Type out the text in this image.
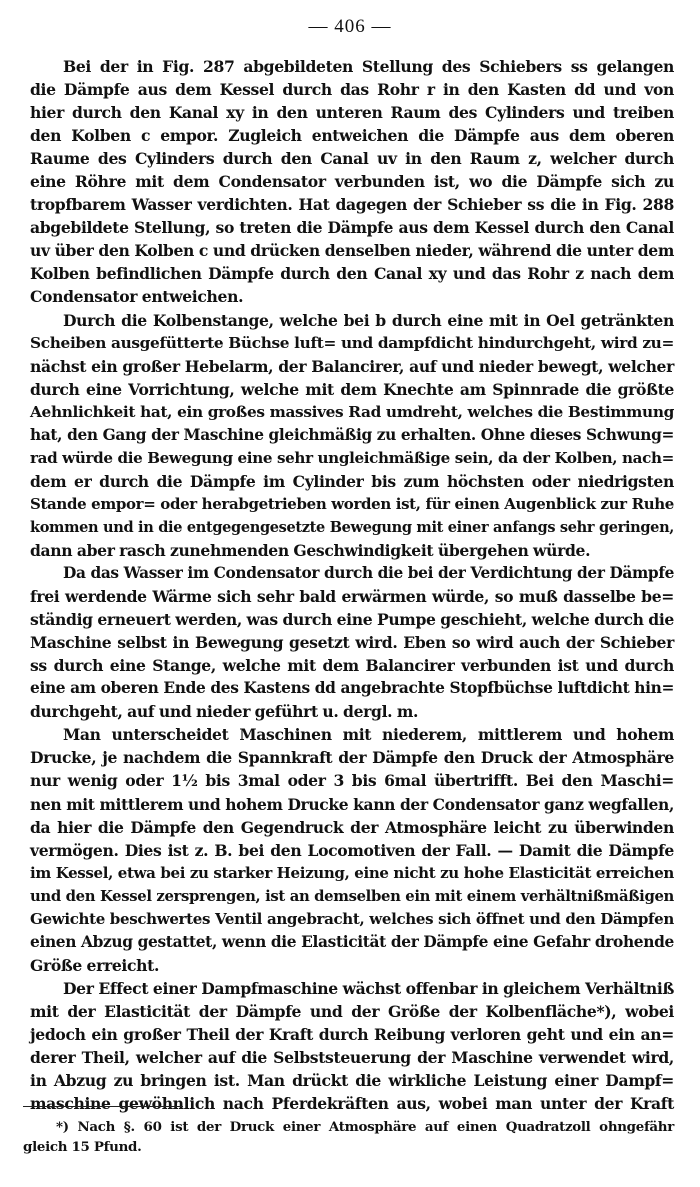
— 406 —
Bei der in Fig. 287 abgebildeten Stellung des Schiebers ss gelangen
die Dämpfe aus dem Kessel durch das Rohr r in den Kasten dd und von
hier durch den Kanal xy in den unteren Raum des Cylinders und treiben
den Kolben c empor. Zugleich entweichen die Dämpfe aus dem oberen
Raume des Cylinders durch den Canal uv in den Raum z, welcher durch
eine Röhre mit dem Condensator verbunden ist, wo die Dämpfe sich zu
tropfbarem Wasser verdichten. Hat dagegen der Schieber ss die in Fig. 288
abgebildete Stellung, so treten die Dämpfe aus dem Kessel durch den Canal
uv über den Kolben c und drücken denselben nieder, während die unter dem
Kolben befindlichen Dämpfe durch den Canal xy und das Rohr z nach dem
Condensator entweichen.
Durch die Kolbenstange, welche bei b durch eine mit in Oel getränkten
Scheiben ausgefütterte Büchse luft= und dampfdicht hindurchgeht, wird zu=
nächst ein großer Hebelarm, der Balancirer, auf und nieder bewegt, welcher
durch eine Vorrichtung, welche mit dem Knechte am Spinnrade die größte
Aehnlichkeit hat, ein großes massives Rad umdreht, welches die Bestimmung
hat, den Gang der Maschine gleichmäßig zu erhalten. Ohne dieses Schwung=
rad würde die Bewegung eine sehr ungleichmäßige sein, da der Kolben, nach=
dem er durch die Dämpfe im Cylinder bis zum höchsten oder niedrigsten
Stande empor= oder herabgetrieben worden ist, für einen Augenblick zur Ruhe
kommen und in die entgegengesetzte Bewegung mit einer anfangs sehr geringen,
dann aber rasch zunehmenden Geschwindigkeit übergehen würde.
Da das Wasser im Condensator durch die bei der Verdichtung der Dämpfe
frei werdende Wärme sich sehr bald erwärmen würde, so muß dasselbe be=
ständig erneuert werden, was durch eine Pumpe geschieht, welche durch die
Maschine selbst in Bewegung gesetzt wird. Eben so wird auch der Schieber
ss durch eine Stange, welche mit dem Balancirer verbunden ist und durch
eine am oberen Ende des Kastens dd angebrachte Stopfbüchse luftdicht hin=
durchgeht, auf und nieder geführt u. dergl. m.
Man unterscheidet Maschinen mit niederem, mittlerem und hohem
Drucke, je nachdem die Spannkraft der Dämpfe den Druck der Atmosphäre
nur wenig oder 1½ bis 3mal oder 3 bis 6mal übertrifft. Bei den Maschi=
nen mit mittlerem und hohem Drucke kann der Condensator ganz wegfallen,
da hier die Dämpfe den Gegendruck der Atmosphäre leicht zu überwinden
vermögen. Dies ist z. B. bei den Locomotiven der Fall. — Damit die Dämpfe
im Kessel, etwa bei zu starker Heizung, eine nicht zu hohe Elasticität erreichen
und den Kessel zersprengen, ist an demselben ein mit einem verhältnißmäßigen
Gewichte beschwertes Ventil angebracht, welches sich öffnet und den Dämpfen
einen Abzug gestattet, wenn die Elasticität der Dämpfe eine Gefahr drohende
Größe erreicht.
Der Effect einer Dampfmaschine wächst offenbar in gleichem Verhältniß
mit der Elasticität der Dämpfe und der Größe der Kolbenfläche*), wobei
jedoch ein großer Theil der Kraft durch Reibung verloren geht und ein an=
derer Theil, welcher auf die Selbststeuerung der Maschine verwendet wird,
in Abzug zu bringen ist. Man drückt die wirkliche Leistung einer Dampf=
maschine gewöhnlich nach Pferdekräften aus, wobei man unter der Kraft
*) Nach §. 60 ist der Druck einer Atmosphäre auf einen Quadratzoll ohngefähr
gleich 15 Pfund.
